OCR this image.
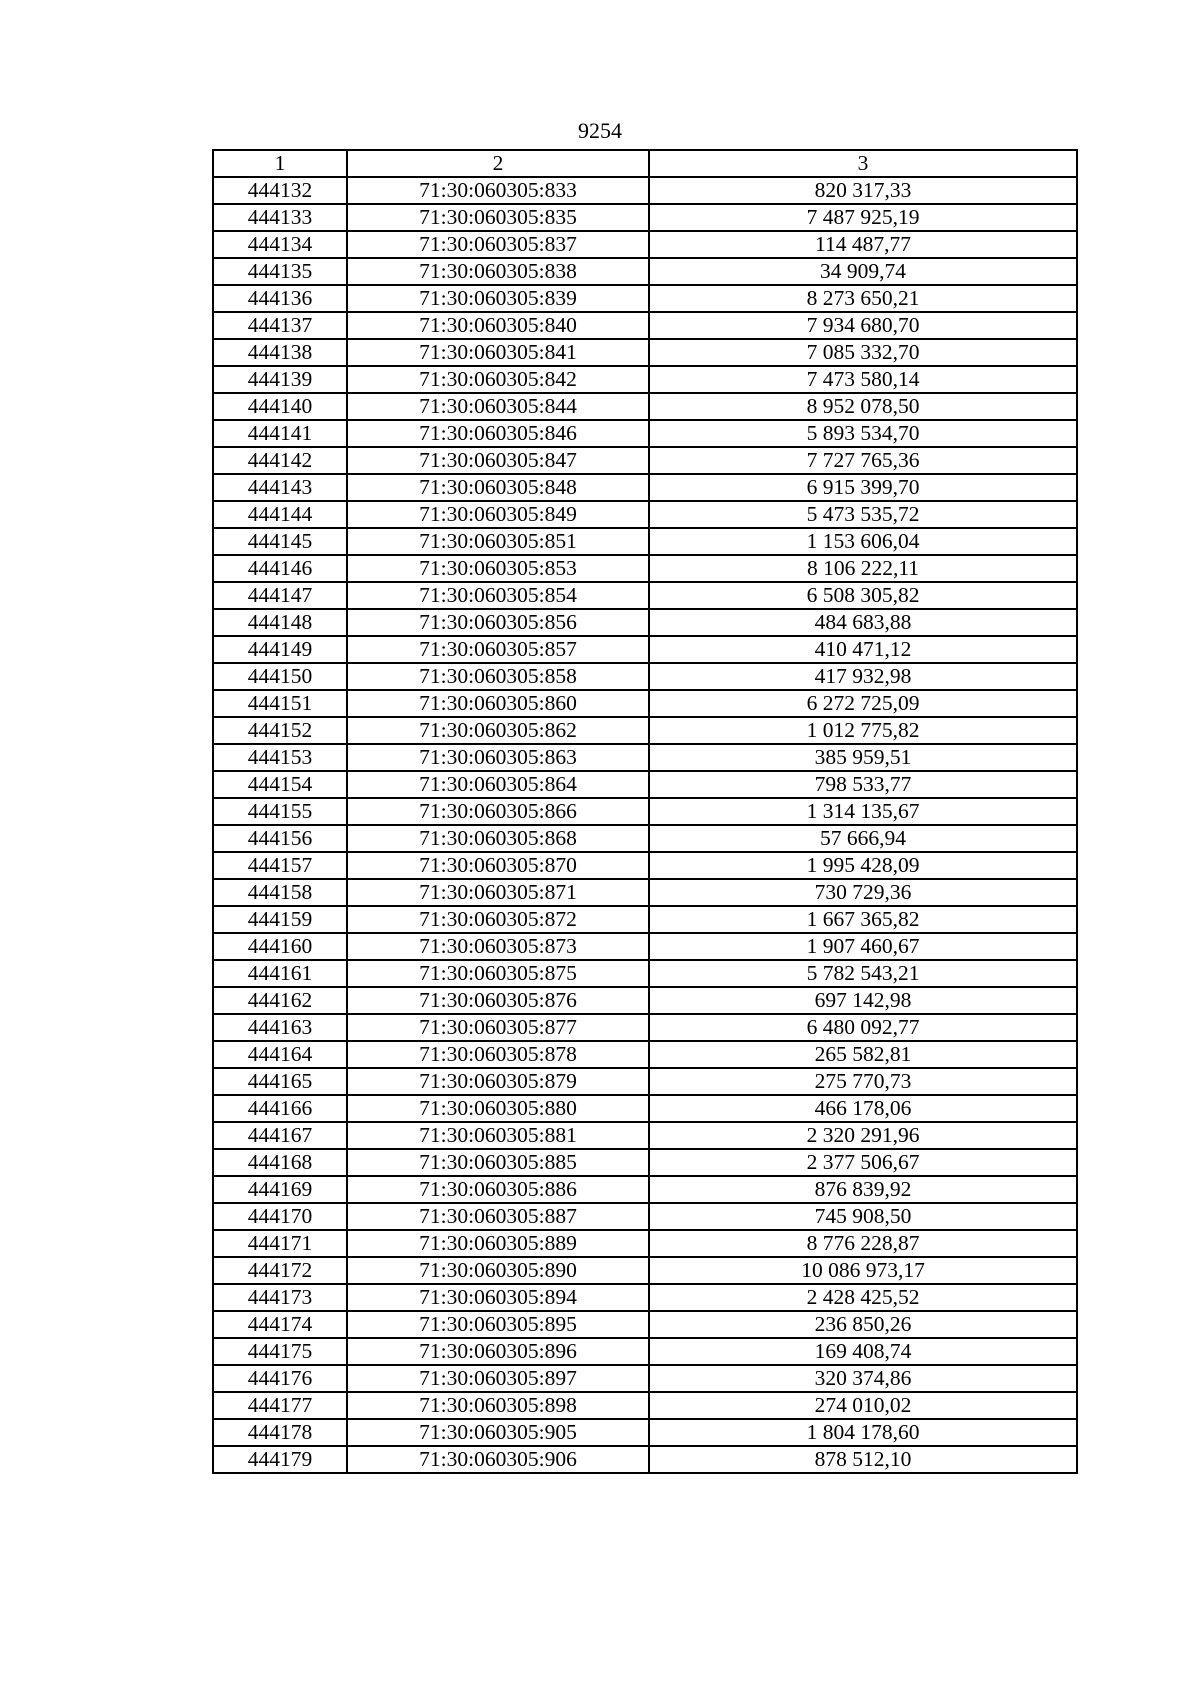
9254
1	2	3
444132	71:30:060305:833	820 317,33
444133	71:30:060305:835	7 487 925,19
444134	71:30:060305:837	114 487,77
444135	71:30:060305:838	34 909,74
444136	71:30:060305:839	8 273 650,21
444137	71:30:060305:840	7 934 680,70
444138	71:30:060305:841	7 085 332,70
444139	71:30:060305:842	7 473 580,14
444140	71:30:060305:844	8 952 078,50
444141	71:30:060305:846	5 893 534,70
444142	71:30:060305:847	7 727 765,36
444143	71:30:060305:848	6 915 399,70
444144	71:30:060305:849	5 473 535,72
444145	71:30:060305:851	1 153 606,04
444146	71:30:060305:853	8 106 222,11
444147	71:30:060305:854	6 508 305,82
444148	71:30:060305:856	484 683,88
444149	71:30:060305:857	410 471,12
444150	71:30:060305:858	417 932,98
444151	71:30:060305:860	6 272 725,09
444152	71:30:060305:862	1 012 775,82
444153	71:30:060305:863	385 959,51
444154	71:30:060305:864	798 533,77
444155	71:30:060305:866	1 314 135,67
444156	71:30:060305:868	57 666,94
444157	71:30:060305:870	1 995 428,09
444158	71:30:060305:871	730 729,36
444159	71:30:060305:872	1 667 365,82
444160	71:30:060305:873	1 907 460,67
444161	71:30:060305:875	5 782 543,21
444162	71:30:060305:876	697 142,98
444163	71:30:060305:877	6 480 092,77
444164	71:30:060305:878	265 582,81
444165	71:30:060305:879	275 770,73
444166	71:30:060305:880	466 178,06
444167	71:30:060305:881	2 320 291,96
444168	71:30:060305:885	2 377 506,67
444169	71:30:060305:886	876 839,92
444170	71:30:060305:887	745 908,50
444171	71:30:060305:889	8 776 228,87
444172	71:30:060305:890	10 086 973,17
444173	71:30:060305:894	2 428 425,52
444174	71:30:060305:895	236 850,26
444175	71:30:060305:896	169 408,74
444176	71:30:060305:897	320 374,86
444177	71:30:060305:898	274 010,02
444178	71:30:060305:905	1 804 178,60
444179	71:30:060305:906	878 512,10
